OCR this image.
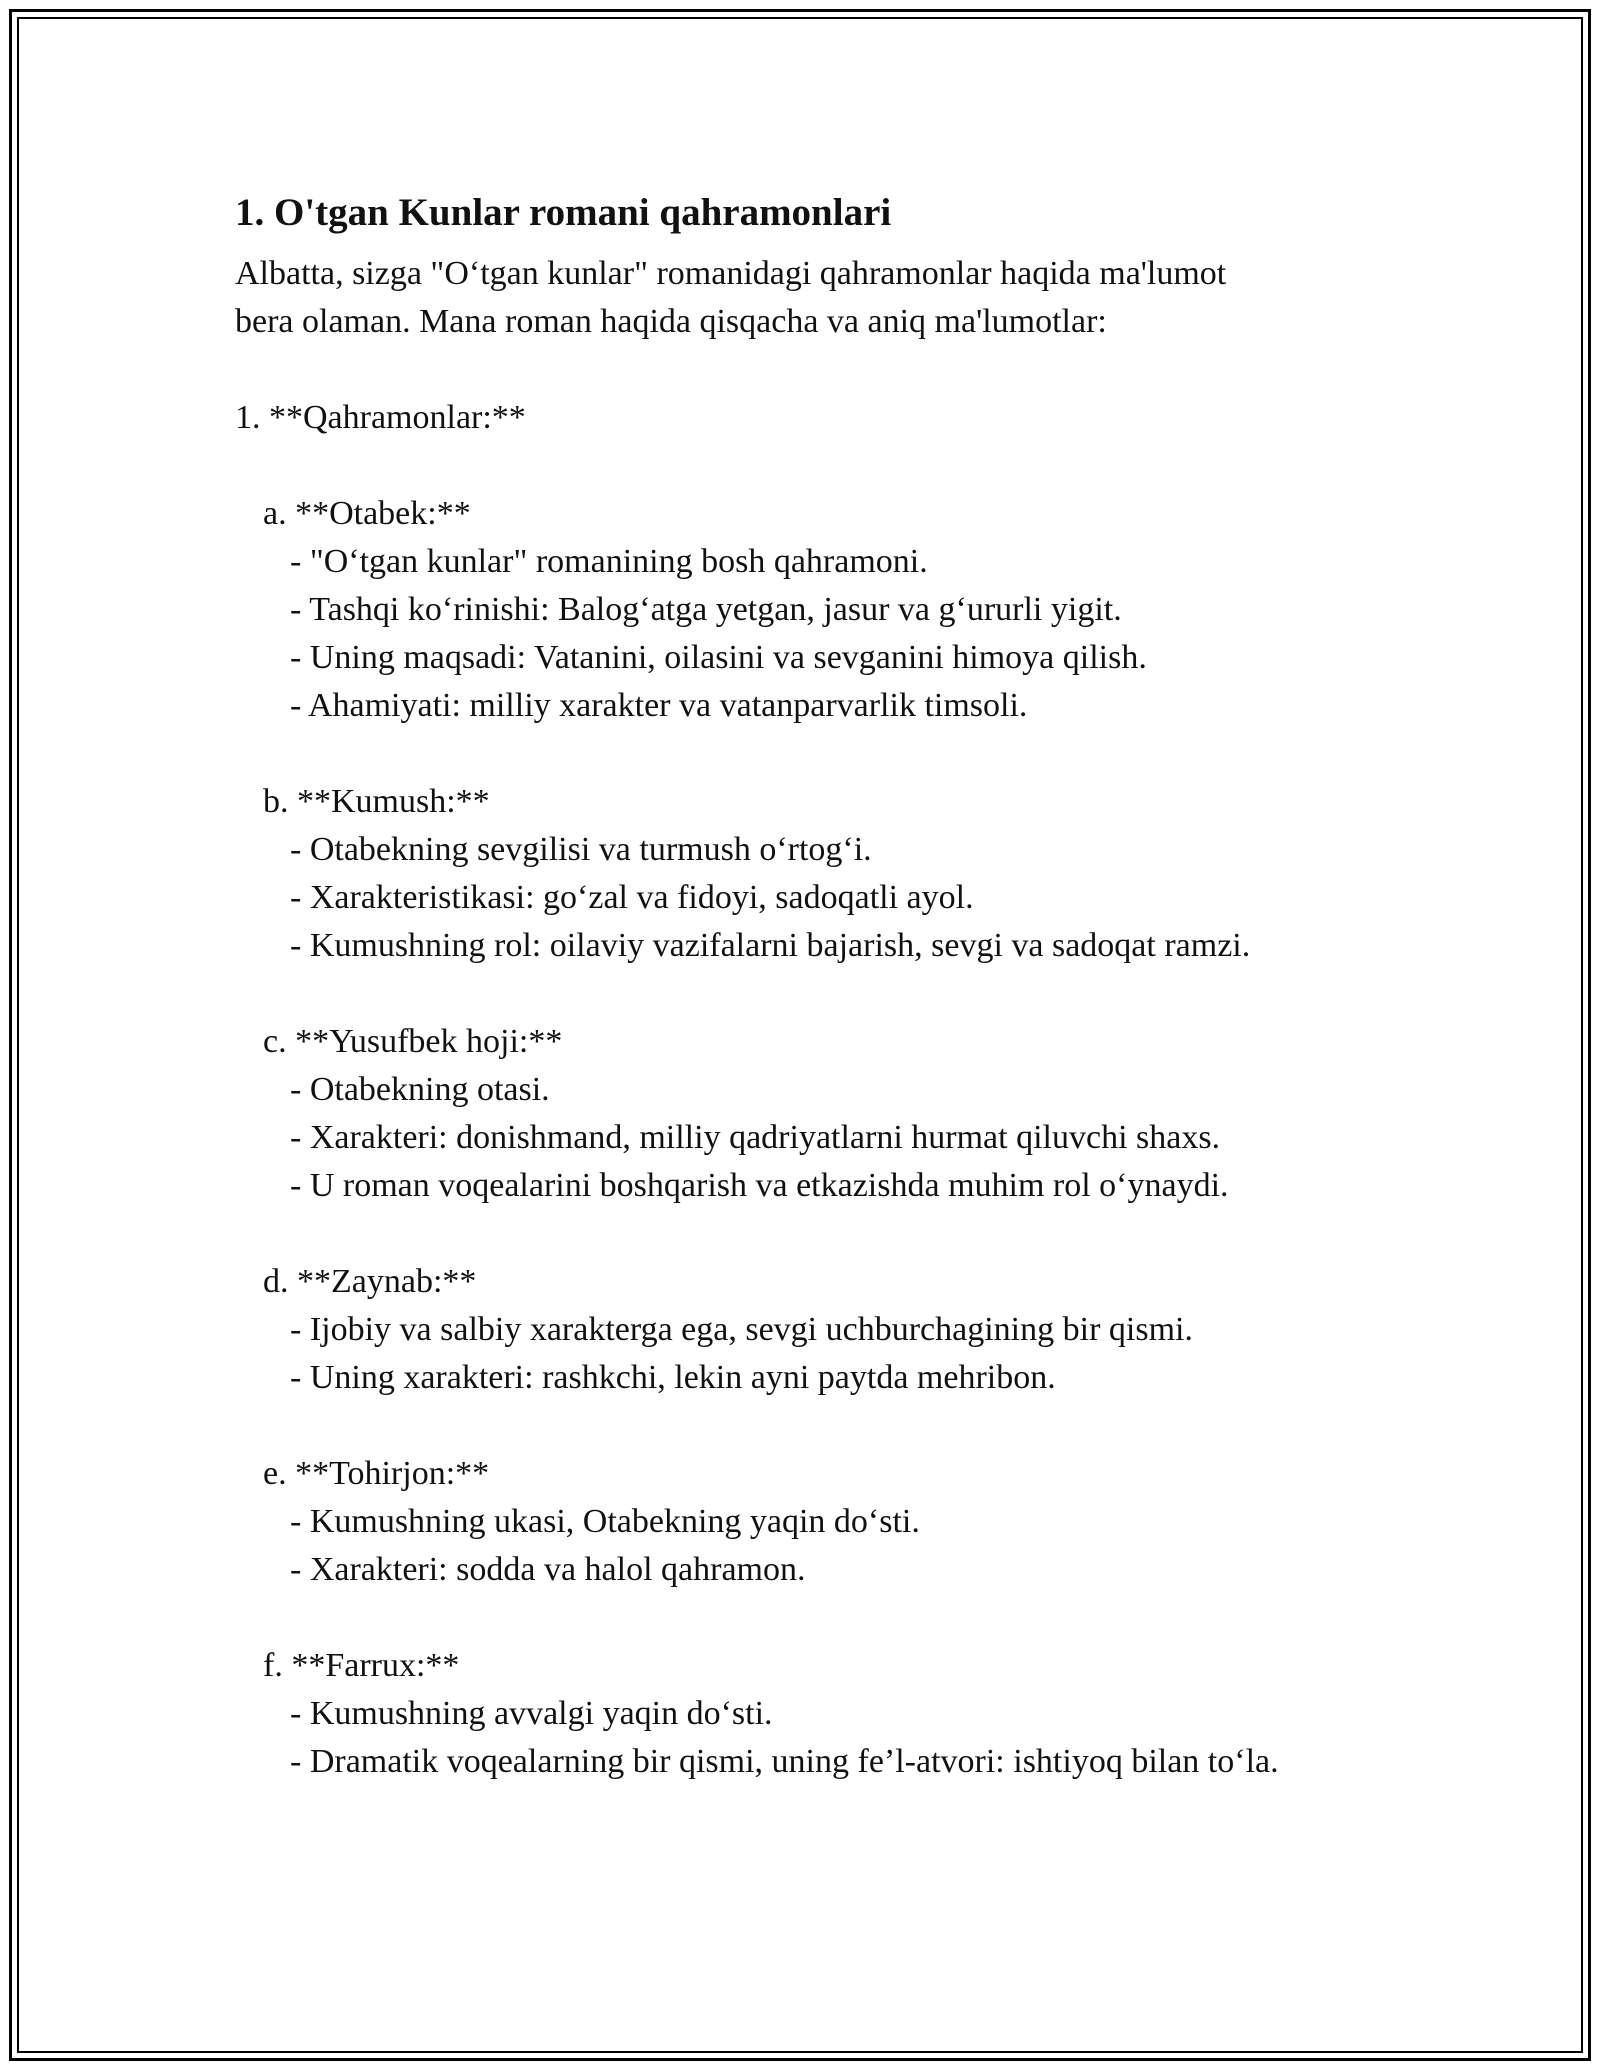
1. O'tgan Kunlar romani qahramonlari

Albatta, sizga "O‘tgan kunlar" romanidagi qahramonlar haqida ma'lumot
bera olaman. Mana roman haqida qisqacha va aniq ma'lumotlar:

1. **Qahramonlar:**
a. **Otabek:**
- "O‘tgan kunlar" romanining bosh qahramoni.
- Tashqi ko‘rinishi: Balog‘atga yetgan, jasur va g‘ururli yigit.
- Uning maqsadi: Vatanini, oilasini va sevganini himoya qilish.
- Ahamiyati: milliy xarakter va vatanparvarlik timsoli.
b. **Kumush:**
- Otabekning sevgilisi va turmush o‘rtog‘i.
- Xarakteristikasi: go‘zal va fidoyi, sadoqatli ayol.
- Kumushning rol: oilaviy vazifalarni bajarish, sevgi va sadoqat ramzi.
c. **Yusufbek hoji:**
- Otabekning otasi.
- Xarakteri: donishmand, milliy qadriyatlarni hurmat qiluvchi shaxs.
- U roman voqealarini boshqarish va etkazishda muhim rol o‘ynaydi.
d. **Zaynab:**
- Ijobiy va salbiy xarakterga ega, sevgi uchburchagining bir qismi.
- Uning xarakteri: rashkchi, lekin ayni paytda mehribon.
e. **Tohirjon:**
- Kumushning ukasi, Otabekning yaqin do‘sti.
- Xarakteri: sodda va halol qahramon.
f. **Farrux:**
- Kumushning avvalgi yaqin do‘sti.
- Dramatik voqealarning bir qismi, uning fe’l-atvori: ishtiyoq bilan to‘la.
